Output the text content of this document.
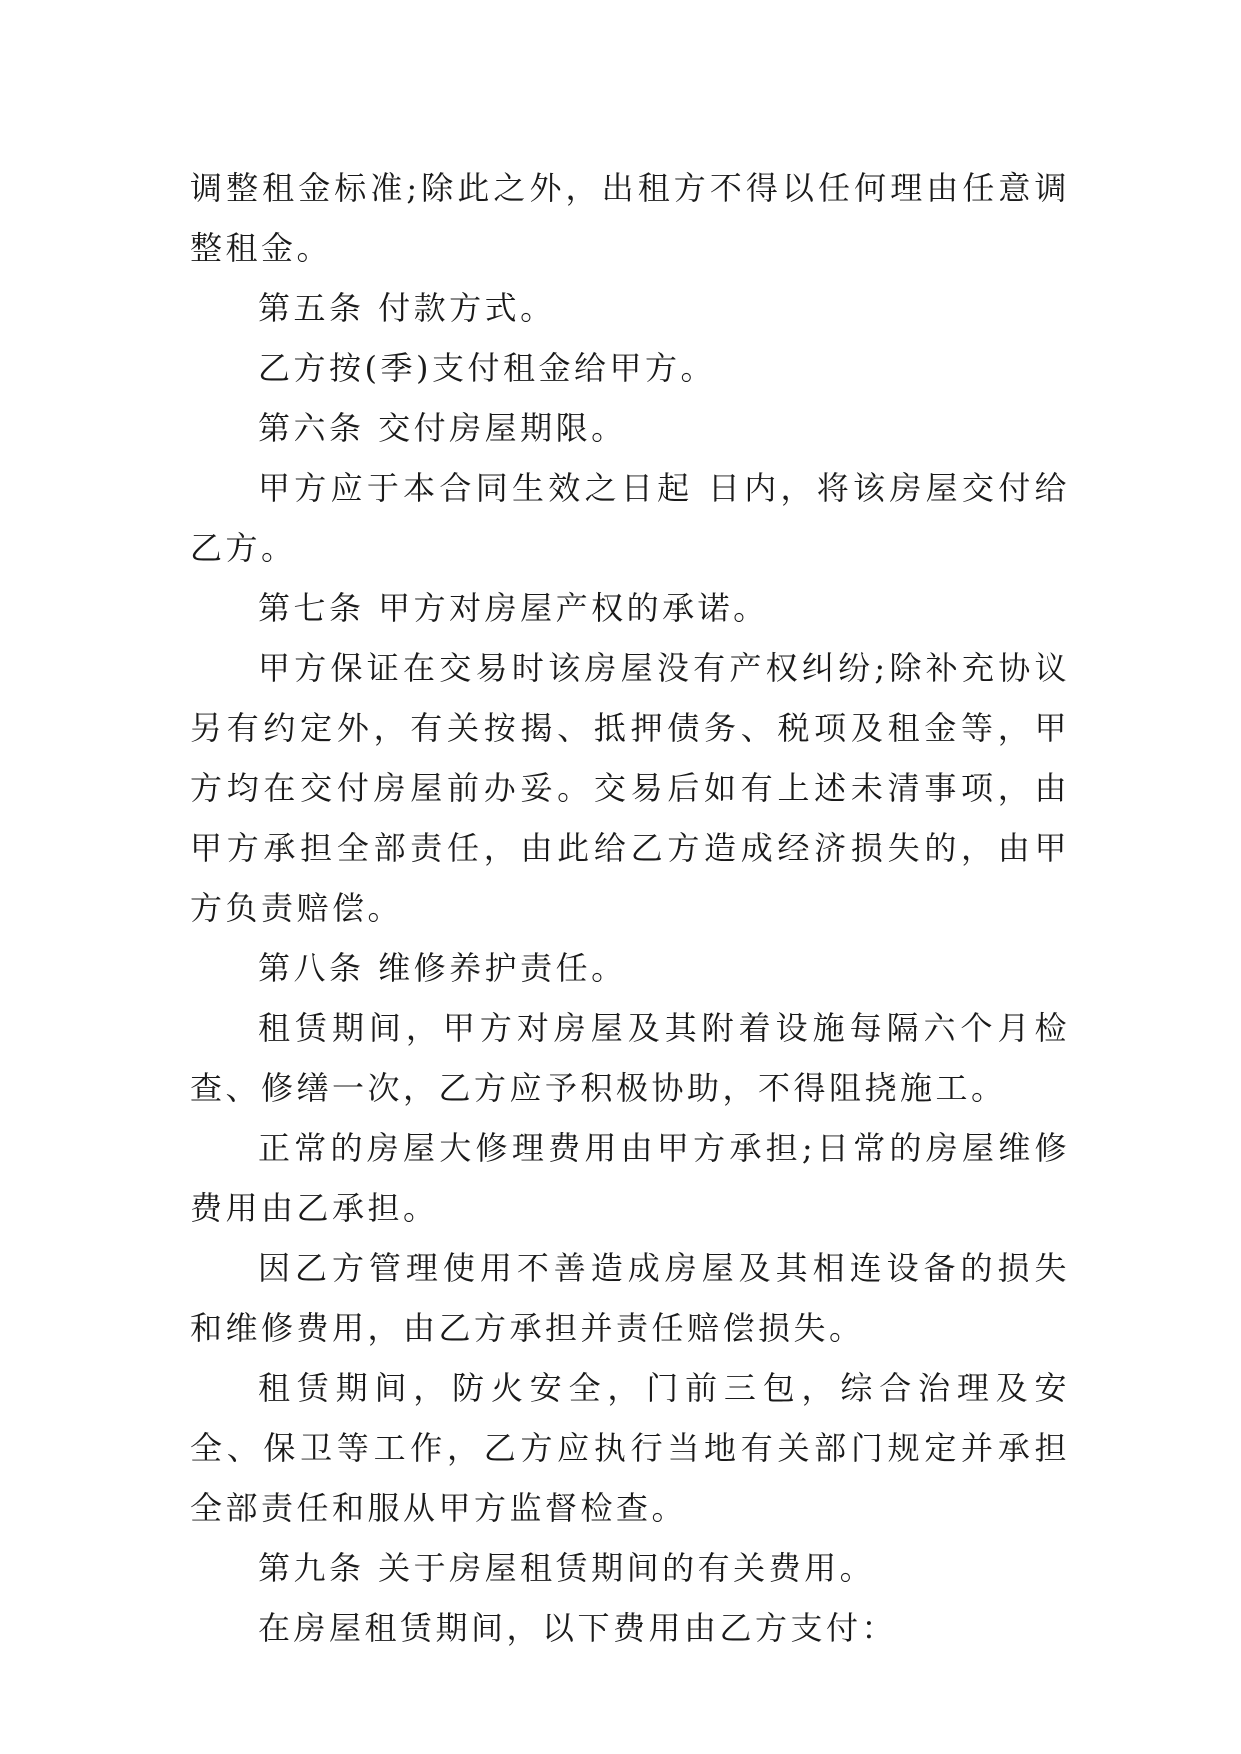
调整租金标准;除此之外，出租方不得以任何理由任意调整租金。

第五条 付款方式。

乙方按(季)支付租金给甲方。

第六条 交付房屋期限。

甲方应于本合同生效之日起 日内，将该房屋交付给乙方。

第七条 甲方对房屋产权的承诺。

甲方保证在交易时该房屋没有产权纠纷;除补充协议另有约定外，有关按揭、抵押债务、税项及租金等，甲方均在交付房屋前办妥。交易后如有上述未清事项，由甲方承担全部责任，由此给乙方造成经济损失的，由甲方负责赔偿。

第八条 维修养护责任。

租赁期间，甲方对房屋及其附着设施每隔六个月检查、修缮一次，乙方应予积极协助，不得阻挠施工。

正常的房屋大修理费用由甲方承担;日常的房屋维修费用由乙承担。

因乙方管理使用不善造成房屋及其相连设备的损失和维修费用，由乙方承担并责任赔偿损失。

租赁期间，防火安全，门前三包，综合治理及安全、保卫等工作，乙方应执行当地有关部门规定并承担全部责任和服从甲方监督检查。

第九条 关于房屋租赁期间的有关费用。

在房屋租赁期间，以下费用由乙方支付：
